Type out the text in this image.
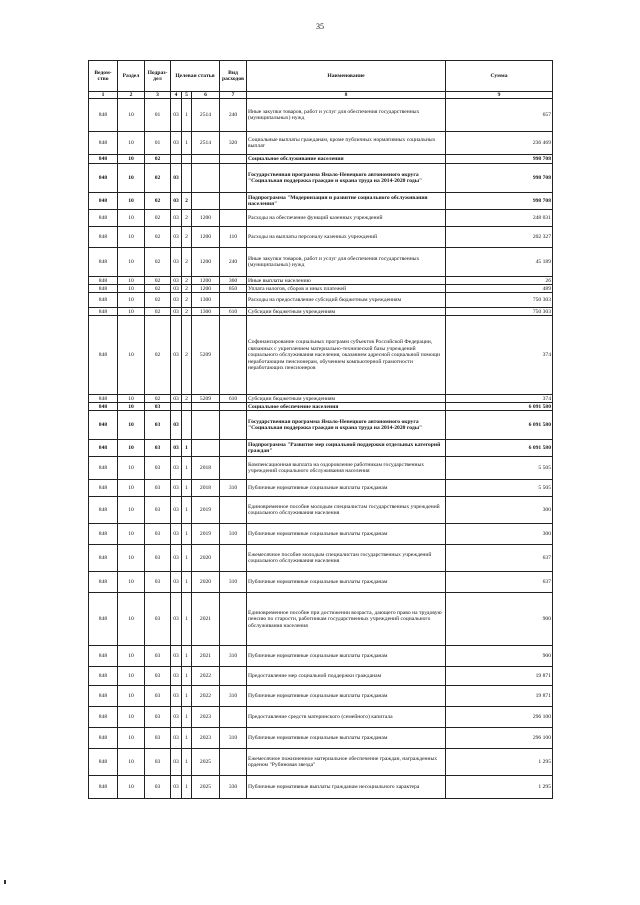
35
Ведом-ство	Раздел	Подраз-дел	Целевая статья			Вид расходов	Наименование	Сумма
1	2	3	4	5	6	7	8	9
848	10	01	03	1	2514	240	Иные закупки товаров, работ и услуг для обеспечения государственных (муниципальных) нужд	657
848	10	01	03	1	2514	320	Социальные выплаты гражданам, кроме публичных нормативных социальных выплат	236 469
848	10	02					Социальное обслуживание населения	998 708
848	10	02	03				Государственная программа Ямало-Ненецкого автономного округа "Социальная поддержка граждан и охрана труда на 2014-2020 годы"	998 708
848	10	02	03	2			Подпрограмма "Модернизация и развитие социального обслуживания населения"	998 708
848	10	02	03	2	1200		Расходы на обеспечение функций казенных учреждений	248 031
848	10	02	03	2	1200	110	Расходы на выплаты персоналу казенных учреждений	202 327
848	10	02	03	2	1200	240	Иные закупки товаров, работ и услуг для обеспечения государственных (муниципальных) нужд	45 189
848	10	02	03	2	1200	360	Иные выплаты населению	26
848	10	02	03	2	1200	850	Уплата налогов, сборов и иных платежей	489
848	10	02	03	2	1300		Расходы на предоставление субсидий бюджетным учреждениям	750 303
848	10	02	03	2	1300	610	Субсидии бюджетным учреждениям	750 303
848	10	02	03	2	5209		Софинансирование социальных программ субъектов Российской Федерации, связанных с укреплением материально-технической базы учреждений социального обслуживания населения, оказанием адресной социальной помощи неработающим пенсионерам, обучением компьютерной грамотности неработающих пенсионеров	374
848	10	02	03	2	5209	610	Субсидии бюджетным учреждениям	374
848	10	03					Социальное обеспечение населения	6 091 580
848	10	03	03				Государственная программа Ямало-Ненецкого автономного округа "Социальная поддержка граждан и охрана труда на 2014-2020 годы"	6 091 580
848	10	03	03	1			Подпрограмма "Развитие мер социальной поддержки отдельных категорий граждан"	6 091 580
848	10	03	03	1	2018		Компенсационная выплата на оздоровление работникам государственных учреждений социального обслуживания населения	5 505
848	10	03	03	1	2018	310	Публичные нормативные социальные выплаты гражданам	5 505
848	10	03	03	1	2019		Единовременное пособие молодым специалистам государственных учреждений социального обслуживания населения	300
848	10	03	03	1	2019	310	Публичные нормативные социальные выплаты гражданам	300
848	10	03	03	1	2020		Ежемесячное пособие молодым специалистам государственных учреждений социального обслуживания населения	637
848	10	03	03	1	2020	310	Публичные нормативные социальные выплаты гражданам	637
848	10	03	03	1	2021		Единовременное пособие при достижении возраста, дающего право на трудовую пенсию по старости, работникам государственных учреждений социального обслуживания населения	900
848	10	03	03	1	2021	310	Публичные нормативные социальные выплаты гражданам	900
848	10	03	03	1	2022		Предоставление мер социальной поддержки гражданам	19 871
848	10	03	03	1	2022	310	Публичные нормативные социальные выплаты гражданам	19 871
848	10	03	03	1	2023		Предоставление средств материнского (семейного) капитала	296 100
848	10	03	03	1	2023	310	Публичные нормативные социальные выплаты гражданам	296 100
848	10	03	03	1	2025		Ежемесячное пожизненное материальное обеспечение граждан, награжденных орденом "Рубиновая звезда"	1 295
848	10	03	03	1	2025	330	Публичные нормативные выплаты гражданам несоциального характера	1 295
